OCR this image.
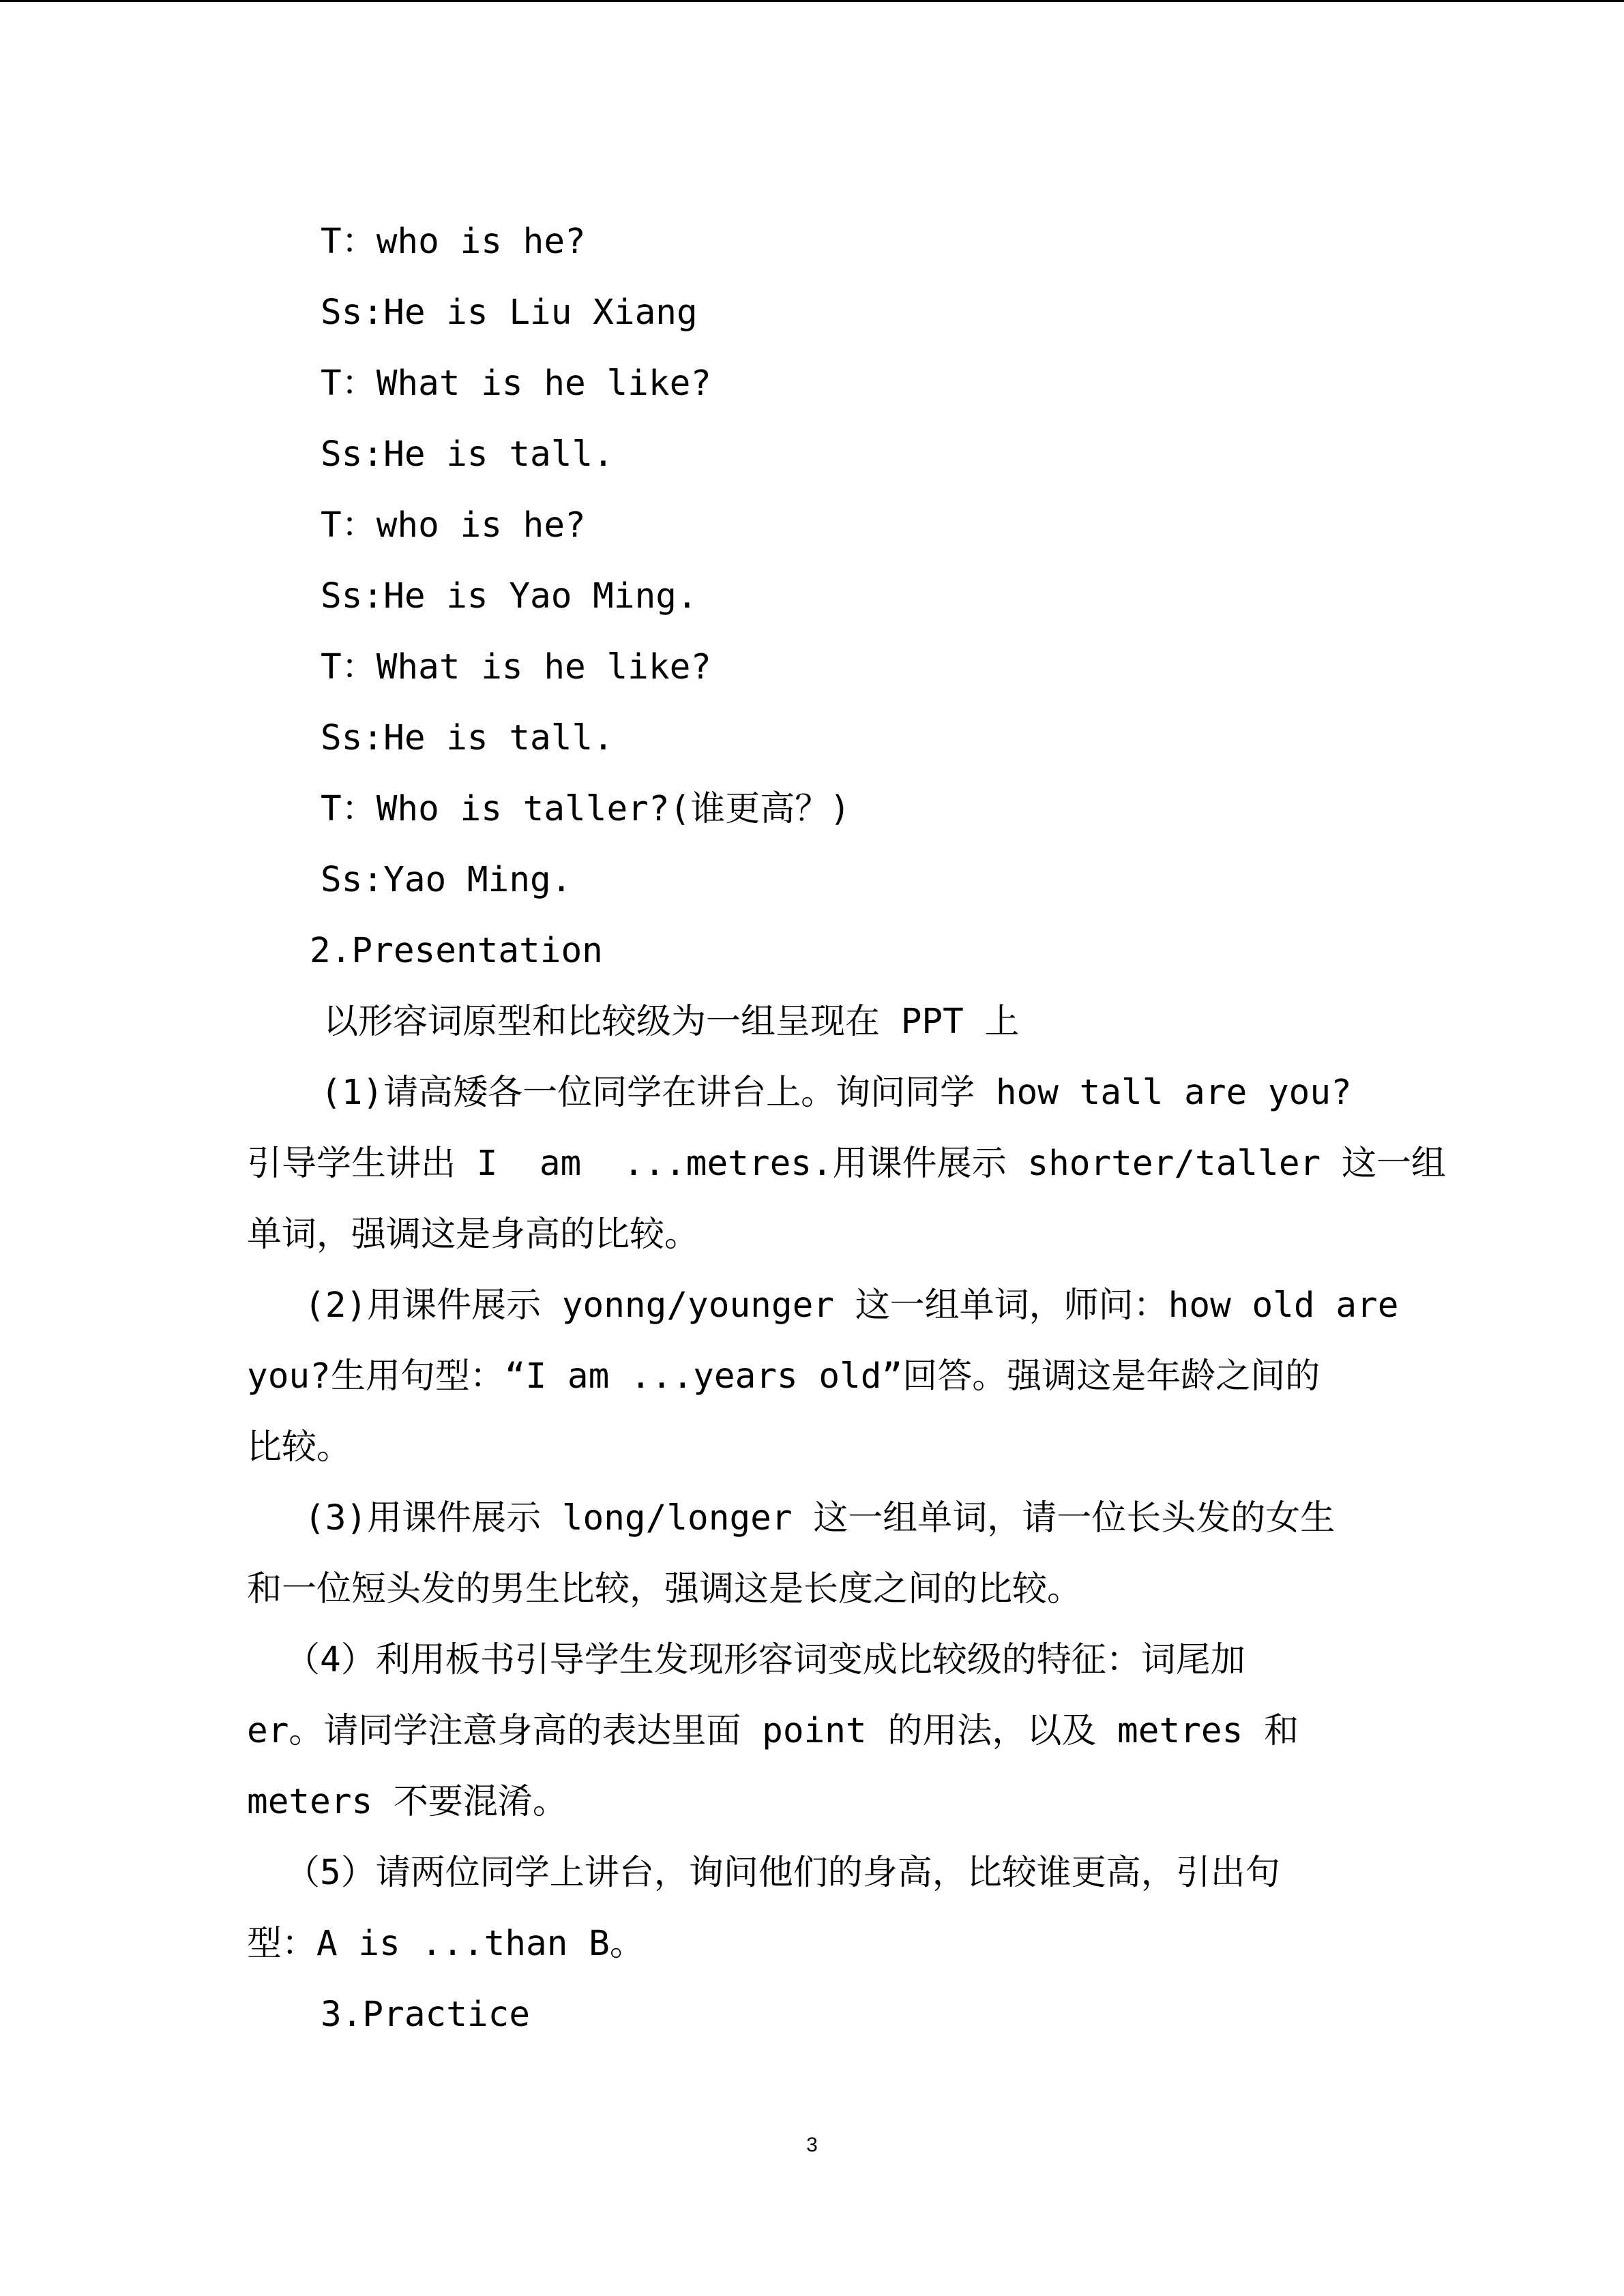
T：who is he?
Ss:He is Liu Xiang
T：What is he like?
Ss:He is tall.
T：who is he?
Ss:He is Yao Ming.
T：What is he like?
Ss:He is tall.
T：Who is taller?(谁更高？)
Ss:Yao Ming.
2.Presentation
以形容词原型和比较级为一组呈现在 PPT 上
(1)请高矮各一位同学在讲台上。询问同学 how tall are you?
引导学生讲出 I  am  ...metres.用课件展示 shorter/taller 这一组
单词，强调这是身高的比较。
(2)用课件展示 yonng/younger 这一组单词，师问：how old are
you?生用句型：“I am ...years old”回答。强调这是年龄之间的
比较。
(3)用课件展示 long/longer 这一组单词，请一位长头发的女生
和一位短头发的男生比较，强调这是长度之间的比较。
（4）利用板书引导学生发现形容词变成比较级的特征：词尾加
er。请同学注意身高的表达里面 point 的用法，以及 metres 和
meters 不要混淆。
（5）请两位同学上讲台，询问他们的身高，比较谁更高，引出句
型：A is ...than B。
3.Practice
3
